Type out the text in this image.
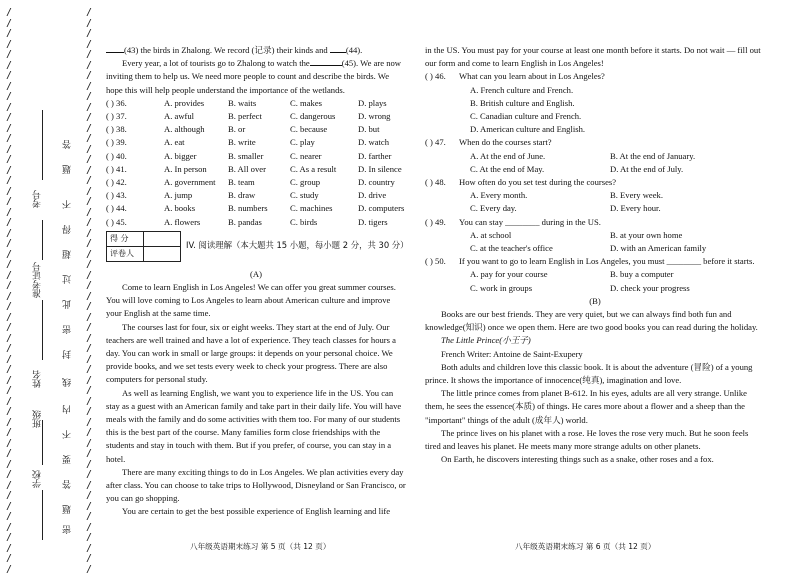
/ / / / / / / / / / / / / / / / / / / / / / / / / / / / / / / / / / / / / / / / / / / / / / / / / / / / / /
/ / / / / / / / / / / / / / / / / / / / / / / / / / / / / / / / / / / / / / / / / / / / / / / / / / / / / /
考号
准考证号
姓名
班级
学校
答
题
不
得
超
过
此
密
封
线
内
不
要
答
题
密

(43) the birds in Zhalong. We record (记录) their kinds and (44).

Every year, a lot of tourists go to Zhalong to watch the	(45). We are now inviting them to help us. We need more people to count and describe the birds. We hope this will help people understand the importance of the wetlands.

( ) 36.	A. provides	B. waits	C. makes	D. plays
( ) 37.	A. awful	B. perfect	C. dangerous	D. wrong
( ) 38.	A. although	B. or	C. because	D. but
( ) 39.	A. eat	B. write	C. play	D. watch
( ) 40.	A. bigger	B. smaller	C. nearer	D. farther
( ) 41.	A. In person	B. All over	C. As a result	D. In silence
( ) 42.	A. government	B. team	C. group	D. country
( ) 43.	A. jump	B. draw	C. study	D. drive
( ) 44.	A. books	B. numbers	C. machines	D. computers
( ) 45.	A. flowers	B. pandas	C. birds	D. tigers
得 分	
评卷人	
IV. 阅读理解（本大题共 15 小题，每小题 2 分，共 30 分）

(A)

Come to learn English in Los Angeles! We can offer you great summer courses. You will love coming to Los Angeles to learn about American culture and improve your English at the same time.

The courses last for four, six or eight weeks. They start at the end of July. Our teachers are well trained and have a lot of experience. They teach classes for hours a day. You can work in small or large groups: it depends on your personal choice. We provide books, and we set tests every week to check your progress. There are also computers for personal study.

As well as learning English, we want you to experience life in the US. You can stay as a guest with an American family and take part in their daily life. You will have meals with the family and do some activities with them too. For many of our students this is the best part of the course. Many families form close friendships with the students and stay in touch with them. But if you prefer, of course, you can stay in a hotel.

There are many exciting things to do in Los Angeles. We plan activities every day after class. You can choose to take trips to Hollywood, Disneyland or San Francisco, or you can go shopping.

You are certain to get the best possible experience of English learning and life

八年级英语期末练习 第 5 页（共 12 页）

in the US. You must pay for your course at least one month before it starts. Do not wait — fill out our form and come to learn English in Los Angeles!

( ) 46.	What can you learn about in Los Angeles?
A. French culture and French.
B. British culture and English.
C. Canadian culture and French.
D. American culture and English.
( ) 47.	When do the courses start?
A. At the end of June.	B. At the end of January.
C. At the end of May.	D. At the end of July.
( ) 48.	How often do you set test during the courses?
A. Every month.	B. Every week.
C. Every day.	D. Every hour.
( ) 49.	You can stay ________ during in the US.
A. at school	B. at your own home
C. at the teacher's office	D. with an American family
( ) 50.	If you want to go to learn English in Los Angeles, you must ________ before it starts.
A. pay for your course	B. buy a computer
C. work in groups	D. check your progress

(B)

Books are our best friends. They are very quiet, but we can always find both fun and knowledge(知识) once we open them. Here are two good books you can read during the holiday.

The Little Prince(小王子)

French Writer: Antoine de Saint-Exupery

Both adults and children love this classic book. It is about the adventure (冒险) of a young prince. It shows the importance of innocence(纯真), imagination and love.

The little prince comes from planet B-612. In his eyes, adults are all very strange. Unlike them, he sees the essence(本质) of things. He cares more about a flower and a sheep than the "important" things of the adult (成年人) world.

The prince lives on his planet with a rose. He loves the rose very much. But he soon feels tired and leaves his planet. He meets many more strange adults on other planets.

On Earth, he discovers interesting things such as a snake, other roses and a fox.

八年级英语期末练习 第 6 页（共 12 页）
